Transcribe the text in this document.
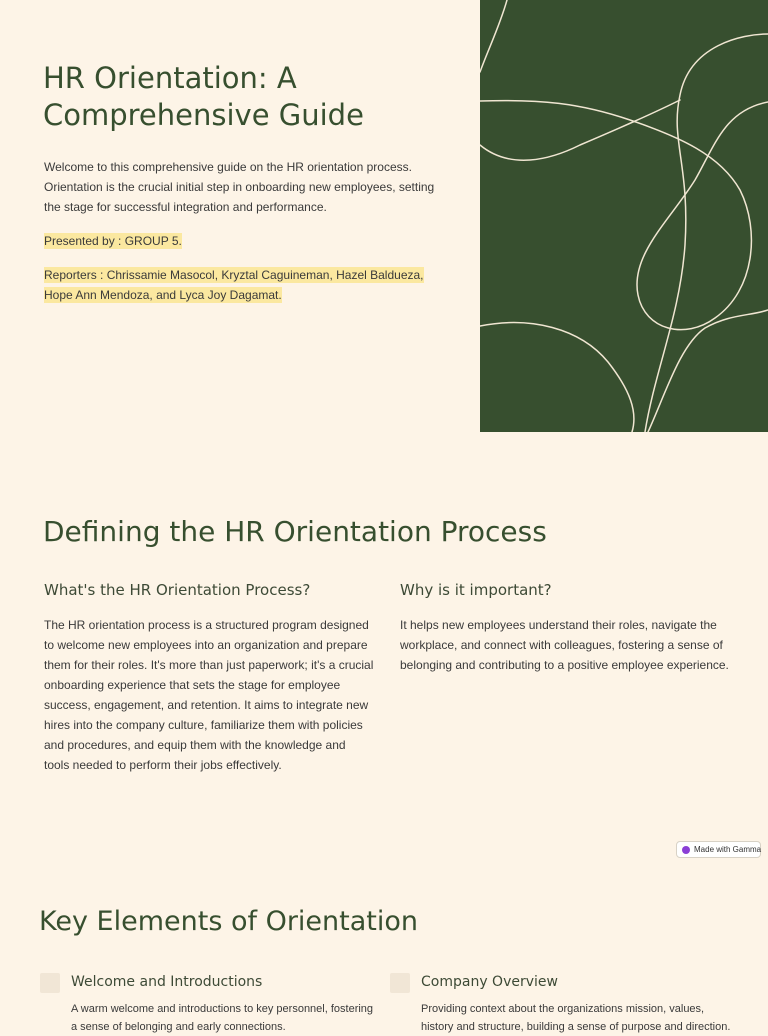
HR Orientation: A Comprehensive Guide

Welcome to this comprehensive guide on the HR orientation process. Orientation is the crucial initial step in onboarding new employees, setting the stage for successful integration and performance.

Presented by : GROUP 5.

Reporters : Chrissamie Masocol, Kryztal Caguineman, Hazel Baldueza, Hope Ann Mendoza, and Lyca Joy Dagamat.

Defining the HR Orientation Process
What's the HR Orientation Process?

The HR orientation process is a structured program designed to welcome new employees into an organization and prepare them for their roles. It's more than just paperwork; it's a crucial onboarding experience that sets the stage for employee success, engagement, and retention. It aims to integrate new hires into the company culture, familiarize them with policies and procedures, and equip them with the knowledge and tools needed to perform their jobs effectively.

Why is it important?

It helps new employees understand their roles, navigate the workplace, and connect with colleagues, fostering a sense of belonging and contributing to a positive employee experience.

Made with Gamma
Key Elements of Orientation
Welcome and Introductions

A warm welcome and introductions to key personnel, fostering a sense of belonging and early connections.

Company Overview

Providing context about the organizations mission, values, history and structure, building a sense of purpose and direction.
